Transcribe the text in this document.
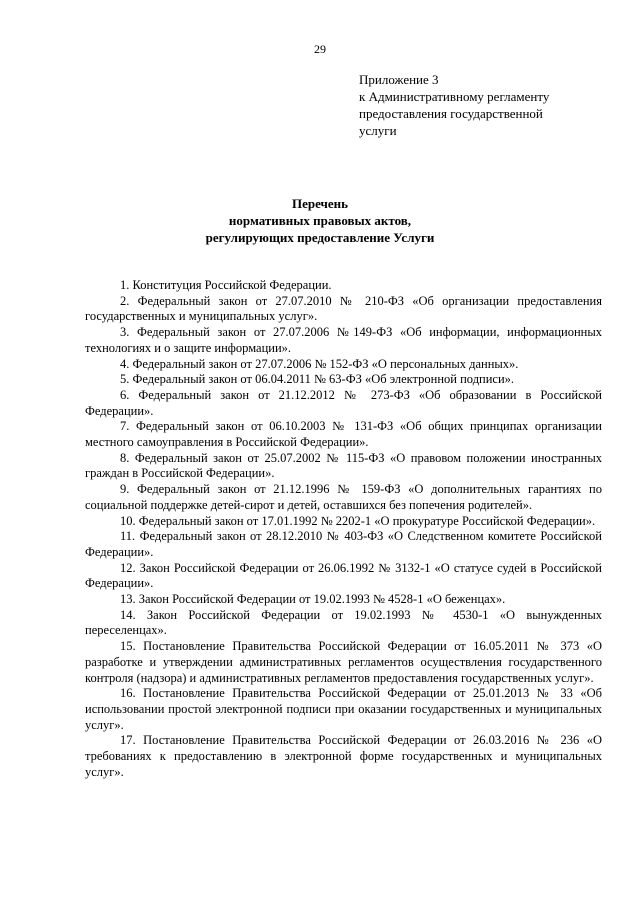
29
Приложение 3
к Административному регламенту
предоставления государственной
услуги
Перечень
нормативных правовых актов,
регулирующих предоставление Услуги

1. Конституция Российской Федерации.

2. Федеральный закон от 27.07.2010 № 210-ФЗ «Об организации предоставления государственных и муниципальных услуг».

3. Федеральный закон от 27.07.2006 №149-ФЗ «Об информации, информационных технологиях и о защите информации».

4. Федеральный закон от 27.07.2006 № 152-ФЗ «О персональных данных».

5. Федеральный закон от 06.04.2011 № 63-ФЗ «Об электронной подписи».

6. Федеральный закон от 21.12.2012 № 273-ФЗ «Об образовании в Российской Федерации».

7. Федеральный закон от 06.10.2003 № 131-ФЗ «Об общих принципах организации местного самоуправления в Российской Федерации».

8. Федеральный закон от 25.07.2002 № 115-ФЗ «О правовом положении иностранных граждан в Российской Федерации».

9. Федеральный закон от 21.12.1996 № 159-ФЗ «О дополнительных гарантиях по социальной поддержке детей-сирот и детей, оставшихся без попечения родителей».

10. Федеральный закон от 17.01.1992 № 2202-1 «О прокуратуре Российской Федерации».

11. Федеральный закон от 28.12.2010 № 403-ФЗ «О Следственном комитете Российской Федерации».

12. Закон Российской Федерации от 26.06.1992 № 3132-1 «О статусе судей в Российской Федерации».

13. Закон Российской Федерации от 19.02.1993 № 4528-1 «О беженцах».

14. Закон Российской Федерации от 19.02.1993 № 4530-1 «О вынужденных переселенцах».

15. Постановление Правительства Российской Федерации от 16.05.2011 № 373 «О разработке и утверждении административных регламентов осуществления государственного контроля (надзора) и административных регламентов предоставления государственных услуг».

16. Постановление Правительства Российской Федерации от 25.01.2013 № 33 «Об использовании простой электронной подписи при оказании государственных и муниципальных услуг».

17. Постановление Правительства Российской Федерации от 26.03.2016 № 236 «О требованиях к предоставлению в электронной форме государственных и муниципальных услуг».
